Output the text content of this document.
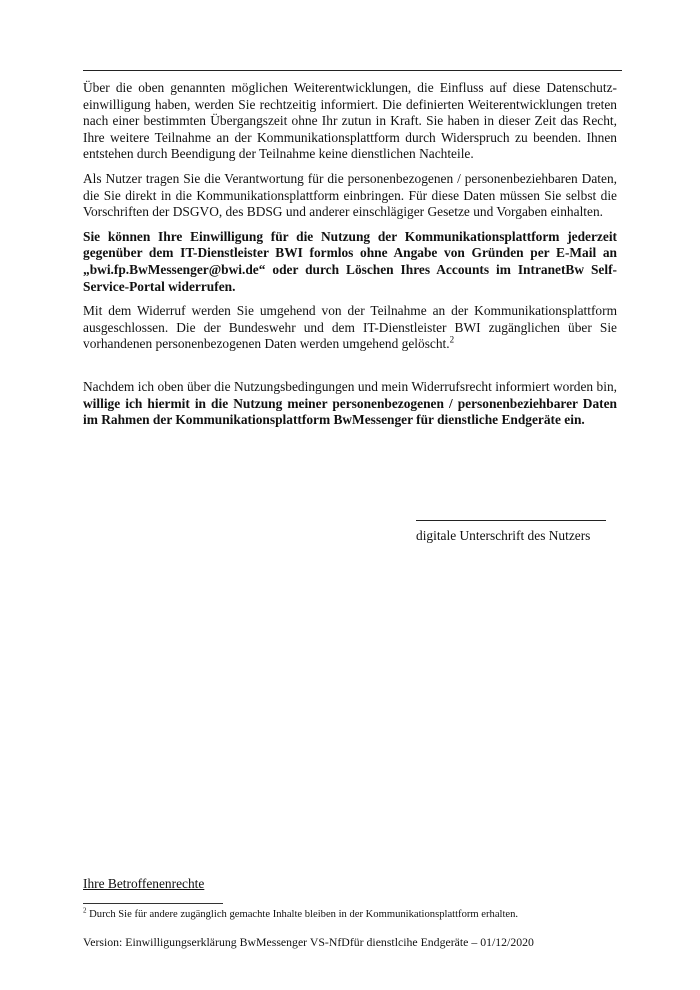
Über die oben genannten möglichen Weiterentwicklungen, die Einfluss auf diese Datenschutz-einwilligung haben, werden Sie rechtzeitig informiert. Die definierten Weiterentwicklungen treten nach einer bestimmten Übergangszeit ohne Ihr zutun in Kraft. Sie haben in dieser Zeit das Recht, Ihre weitere Teilnahme an der Kommunikationsplattform durch Widerspruch zu beenden. Ihnen entstehen durch Beendigung der Teilnahme keine dienstlichen Nachteile.

Als Nutzer tragen Sie die Verantwortung für die personenbezogenen / personenbeziehbaren Daten, die Sie direkt in die Kommunikationsplattform einbringen. Für diese Daten müssen Sie selbst die Vorschriften der DSGVO, des BDSG und anderer einschlägiger Gesetze und Vorgaben einhalten.

Sie können Ihre Einwilligung für die Nutzung der Kommunikationsplattform jederzeit gegenüber dem IT-Dienstleister BWI formlos ohne Angabe von Gründen per E-Mail an „bwi.fp.BwMessenger@bwi.de“ oder durch Löschen Ihres Accounts im IntranetBw Self-Service-Portal widerrufen.

Mit dem Widerruf werden Sie umgehend von der Teilnahme an der Kommunikationsplattform ausgeschlossen. Die der Bundeswehr und dem IT-Dienstleister BWI zugänglichen über Sie vorhandenen personenbezogenen Daten werden umgehend gelöscht.$^2$

Nachdem ich oben über die Nutzungsbedingungen und mein Widerrufsrecht informiert worden bin, willige ich hiermit in die Nutzung meiner personenbezogenen / personenbeziehbarer Daten im Rahmen der Kommunikationsplattform BwMessenger für dienstliche Endgeräte ein.

digitale Unterschrift des Nutzers
Ihre Betroffenenrechte
$^2$ Durch Sie für andere zugänglich gemachte Inhalte bleiben in der Kommunikationsplattform erhalten.
Version: Einwilligungserklärung BwMessenger VS-NfDfür dienstlcihe Endgeräte – 01/12/2020
